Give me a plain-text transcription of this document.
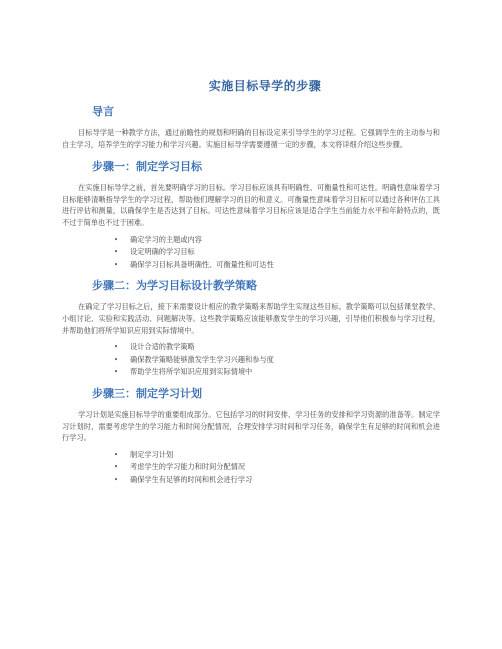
实施目标导学的步骤
导言

目标导学是一种教学方法，通过前瞻性的规划和明确的目标设定来引导学生的学习过程。它强调学生的主动参与和自主学习，培养学生的学习能力和学习兴趣。实施目标导学需要遵循一定的步骤，本文将详细介绍这些步骤。

步骤一：制定学习目标

在实施目标导学之前，首先要明确学习的目标。学习目标应该具有明确性、可衡量性和可达性。明确性意味着学习目标能够清晰指导学生的学习过程，帮助他们理解学习的目的和意义。可衡量性意味着学习目标可以通过各种评估工具进行评估和测量，以确保学生是否达到了目标。可达性意味着学习目标应该是适合学生当前能力水平和年龄特点的，既不过于简单也不过于困难。

• 确定学习的主题或内容
• 设定明确的学习目标
• 确保学习目标具备明确性、可衡量性和可达性
步骤二：为学习目标设计教学策略

在确定了学习目标之后，接下来需要设计相应的教学策略来帮助学生实现这些目标。教学策略可以包括课堂教学、小组讨论、实验和实践活动、问题解决等。这些教学策略应该能够激发学生的学习兴趣，引导他们积极参与学习过程，并帮助他们将所学知识应用到实际情境中。

• 设计合适的教学策略
• 确保教学策略能够激发学生学习兴趣和参与度
• 帮助学生将所学知识应用到实际情境中
步骤三：制定学习计划

学习计划是实施目标导学的重要组成部分。它包括学习的时间安排、学习任务的安排和学习资源的准备等。制定学习计划时，需要考虑学生的学习能力和时间分配情况，合理安排学习时间和学习任务，确保学生有足够的时间和机会进行学习。

• 制定学习计划
• 考虑学生的学习能力和时间分配情况
• 确保学生有足够的时间和机会进行学习
